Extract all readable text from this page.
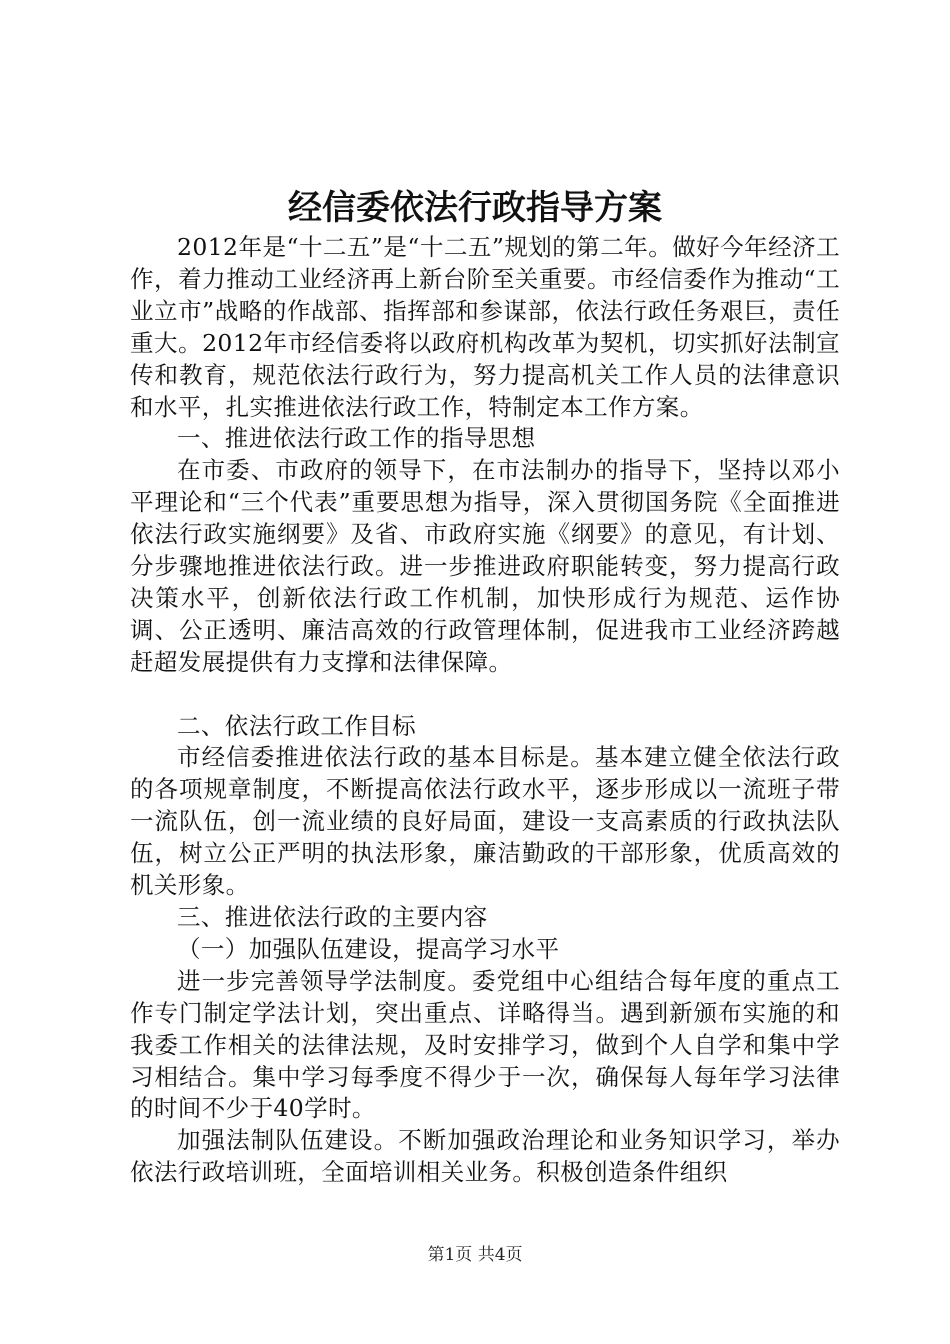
经信委依法行政指导方案

2012年是“十二五”是“十二五”规划的第二年。做好今年经济工作，着力推动工业经济再上新台阶至关重要。市经信委作为推动“工业立市”战略的作战部、指挥部和参谋部，依法行政任务艰巨，责任重大。2012年市经信委将以政府机构改革为契机，切实抓好法制宣传和教育，规范依法行政行为，努力提高机关工作人员的法律意识和水平，扎实推进依法行政工作，特制定本工作方案。

一、推进依法行政工作的指导思想

在市委、市政府的领导下，在市法制办的指导下，坚持以邓小平理论和“三个代表”重要思想为指导，深入贯彻国务院《全面推进依法行政实施纲要》及省、市政府实施《纲要》的意见，有计划、分步骤地推进依法行政。进一步推进政府职能转变，努力提高行政决策水平，创新依法行政工作机制，加快形成行为规范、运作协调、公正透明、廉洁高效的行政管理体制，促进我市工业经济跨越赶超发展提供有力支撑和法律保障。

二、依法行政工作目标

市经信委推进依法行政的基本目标是。基本建立健全依法行政的各项规章制度，不断提高依法行政水平，逐步形成以一流班子带一流队伍，创一流业绩的良好局面，建设一支高素质的行政执法队伍，树立公正严明的执法形象，廉洁勤政的干部形象，优质高效的机关形象。

三、推进依法行政的主要内容

（一）加强队伍建设，提高学习水平

进一步完善领导学法制度。委党组中心组结合每年度的重点工作专门制定学法计划，突出重点、详略得当。遇到新颁布实施的和我委工作相关的法律法规，及时安排学习，做到个人自学和集中学习相结合。集中学习每季度不得少于一次，确保每人每年学习法律的时间不少于40学时。

加强法制队伍建设。不断加强政治理论和业务知识学习，举办依法行政培训班，全面培训相关业务。积极创造条件组织

第1页 共4页
